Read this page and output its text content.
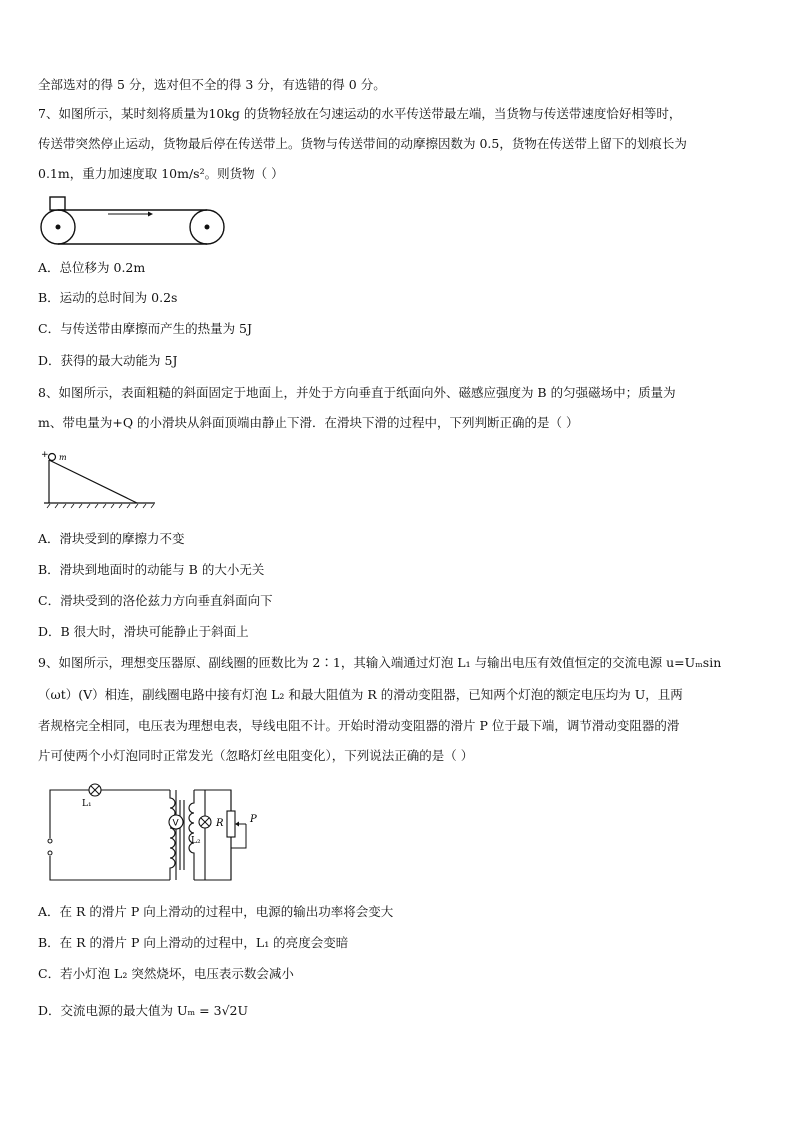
全部选对的得 5 分，选对但不全的得 3 分，有选错的得 0 分。
7、如图所示，某时刻将质量为10kg 的货物轻放在匀速运动的水平传送带最左端，当货物与传送带速度恰好相等时，
传送带突然停止运动，货物最后停在传送带上。货物与传送带间的动摩擦因数为 0.5，货物在传送带上留下的划痕长为
0.1m，重力加速度取 10m/s²。则货物（ ）
A．总位移为 0.2m
B．运动的总时间为 0.2s
C．与传送带由摩擦而产生的热量为 5J
D．获得的最大动能为 5J
8、如图所示，表面粗糙的斜面固定于地面上，并处于方向垂直于纸面向外、磁感应强度为 B 的匀强磁场中；质量为
m、带电量为+Q 的小滑块从斜面顶端由静止下滑．在滑块下滑的过程中，下列判断正确的是（ ）
+ m
A．滑块受到的摩擦力不变
B．滑块到地面时的动能与 B 的大小无关
C．滑块受到的洛伦兹力方向垂直斜面向下
D．B 很大时，滑块可能静止于斜面上
9、如图所示，理想变压器原、副线圈的匝数比为 2∶1，其输入端通过灯泡 L₁ 与输出电压有效值恒定的交流电源 u=Uₘsin
（ωt）(V）相连，副线圈电路中接有灯泡 L₂ 和最大阻值为 R 的滑动变阻器，已知两个灯泡的额定电压均为 U，且两
者规格完全相同，电压表为理想电表，导线电阻不计。开始时滑动变阻器的滑片 P 位于最下端，调节滑动变阻器的滑
片可使两个小灯泡同时正常发光（忽略灯丝电阻变化），下列说法正确的是（ ）
L₁
V
L₂
R	P
A．在 R 的滑片 P 向上滑动的过程中，电源的输出功率将会变大
B．在 R 的滑片 P 向上滑动的过程中，L₁ 的亮度会变暗
C．若小灯泡 L₂ 突然烧坏，电压表示数会减小
D．交流电源的最大值为 Uₘ = 3√2U
